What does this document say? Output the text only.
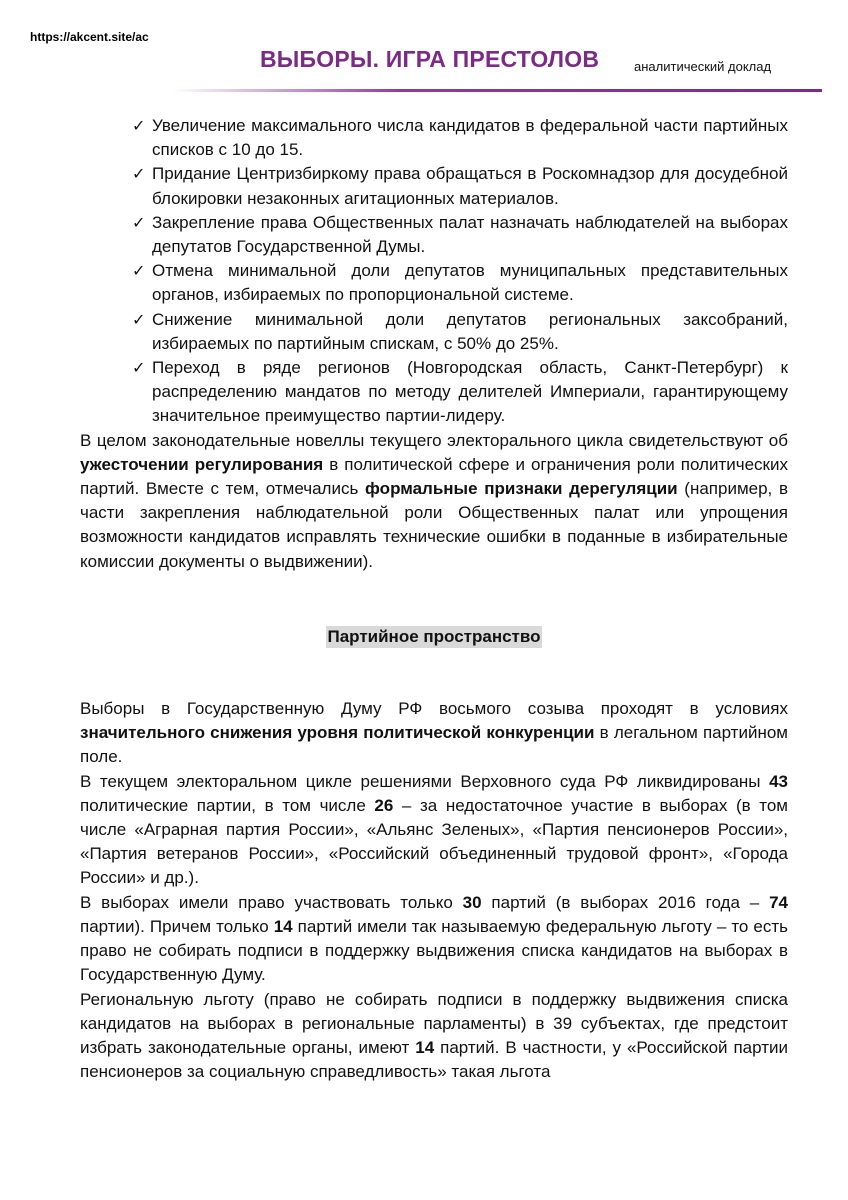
https://akcent.site/ac
ВЫБОРЫ. ИГРА ПРЕСТОЛОВ	аналитический доклад
✓ Увеличение максимального числа кандидатов в федеральной части партийных списков с 10 до 15.
✓ Придание Центризбиркому права обращаться в Роскомнадзор для досудебной блокировки незаконных агитационных материалов.
✓ Закрепление права Общественных палат назначать наблюдателей на выборах депутатов Государственной Думы.
✓ Отмена минимальной доли депутатов муниципальных представительных органов, избираемых по пропорциональной системе.
✓ Снижение минимальной доли депутатов региональных заксобраний, избираемых по партийным спискам, с 50% до 25%.
✓ Переход в ряде регионов (Новгородская область, Санкт-Петербург) к распределению мандатов по методу делителей Империали, гарантирующему значительное преимущество партии-лидеру.

В целом законодательные новеллы текущего электорального цикла свидетельствуют об ужесточении регулирования в политической сфере и ограничения роли политических партий. Вместе с тем, отмечались формальные признаки дерегуляции (например, в части закрепления наблюдательной роли Общественных палат или упрощения возможности кандидатов исправлять технические ошибки в поданные в избирательные комиссии документы о выдвижении).

Партийное пространство

Выборы в Государственную Думу РФ восьмого созыва проходят в условиях значительного снижения уровня политической конкуренции в легальном партийном поле.

В текущем электоральном цикле решениями Верховного суда РФ ликвидированы 43 политические партии, в том числе 26 – за недостаточное участие в выборах (в том числе «Аграрная партия России», «Альянс Зеленых», «Партия пенсионеров России», «Партия ветеранов России», «Российский объединенный трудовой фронт», «Города России» и др.).

В выборах имели право участвовать только 30 партий (в выборах 2016 года – 74 партии). Причем только 14 партий имели так называемую федеральную льготу – то есть право не собирать подписи в поддержку выдвижения списка кандидатов на выборах в Государственную Думу.

Региональную льготу (право не собирать подписи в поддержку выдвижения списка кандидатов на выборах в региональные парламенты) в 39 субъектах, где предстоит избрать законодательные органы, имеют 14 партий. В частности, у «Российской партии пенсионеров за социальную справедливость» такая льгота
